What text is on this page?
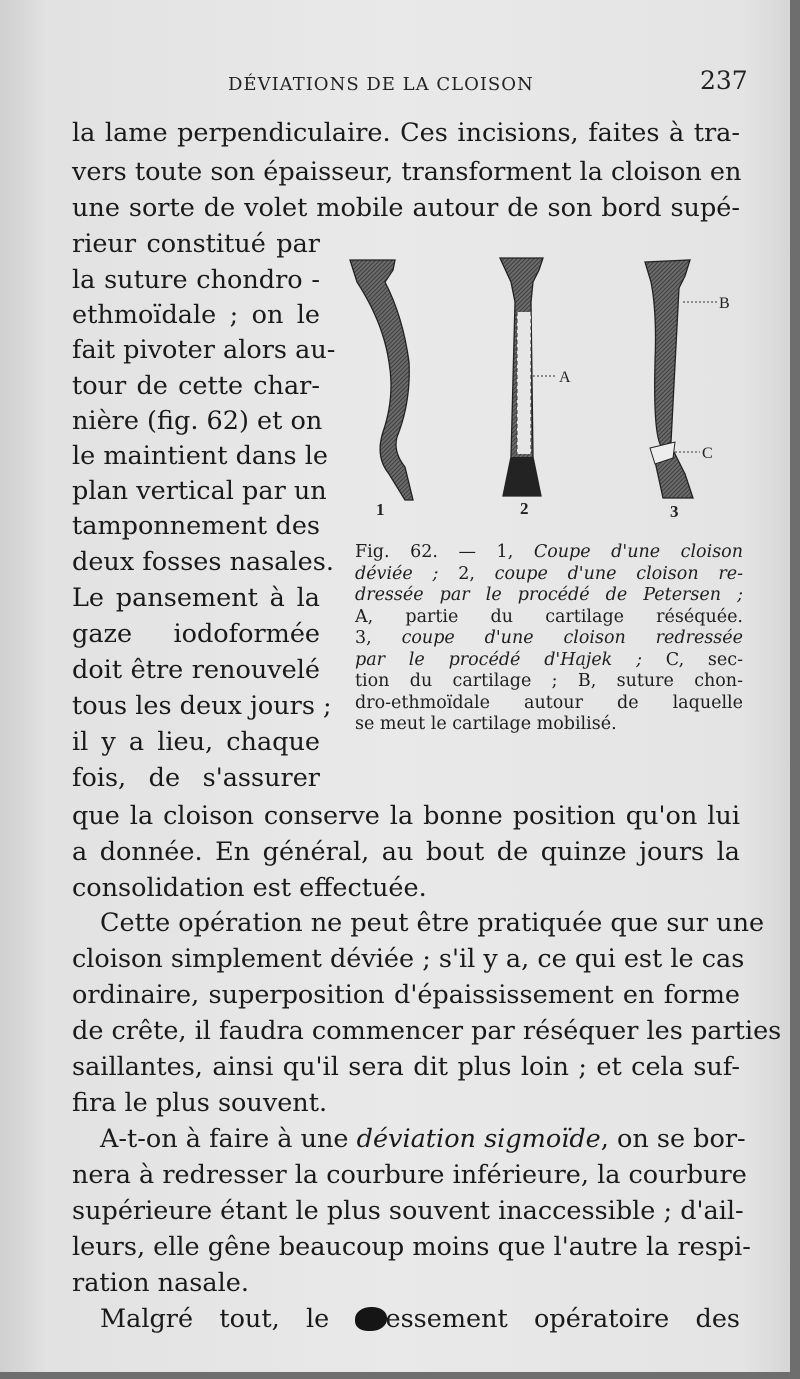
DÉVIATIONS DE LA CLOISON	237
la lame perpendiculaire. Ces incisions, faites à tra-
vers toute son épaisseur, transforment la cloison en
une sorte de volet mobile autour de son bord supé-
rieur constitué par
la suture chondro -
ethmoïdale ; on le
fait pivoter alors au-
tour de cette char-
nière (fig. 62) et on
le maintient dans le
plan vertical par un
tamponnement des
deux fosses nasales.
Le pansement à la
gaze iodoformée
doit être renouvelé
tous les deux jours ;
il y a lieu, chaque
fois, de s'assurer
A
B
C
1	2	3
Fig. 62. — 1, Coupe d'une cloison
déviée ; 2, coupe d'une cloison re-
dressée par le procédé de Petersen ;
A, partie du cartilage réséquée.
3, coupe d'une cloison redressée
par le procédé d'Hajek ; C, sec-
tion du cartilage ; B, suture chon-
dro-ethmoïdale autour de laquelle
se meut le cartilage mobilisé.
que la cloison conserve la bonne position qu'on lui
a donnée. En général, au bout de quinze jours la
consolidation est effectuée.
Cette opération ne peut être pratiquée que sur une
cloison simplement déviée ; s'il y a, ce qui est le cas
ordinaire, superposition d'épaississement en forme
de crête, il faudra commencer par réséquer les parties
saillantes, ainsi qu'il sera dit plus loin ; et cela suf-
fira le plus souvent.
A-t-on à faire à une déviation sigmoïde, on se bor-
nera à redresser la courbure inférieure, la courbure
supérieure étant le plus souvent inaccessible ; d'ail-
leurs, elle gêne beaucoup moins que l'autre la respi-
ration nasale.
Malgré tout, le essement opératoire des
